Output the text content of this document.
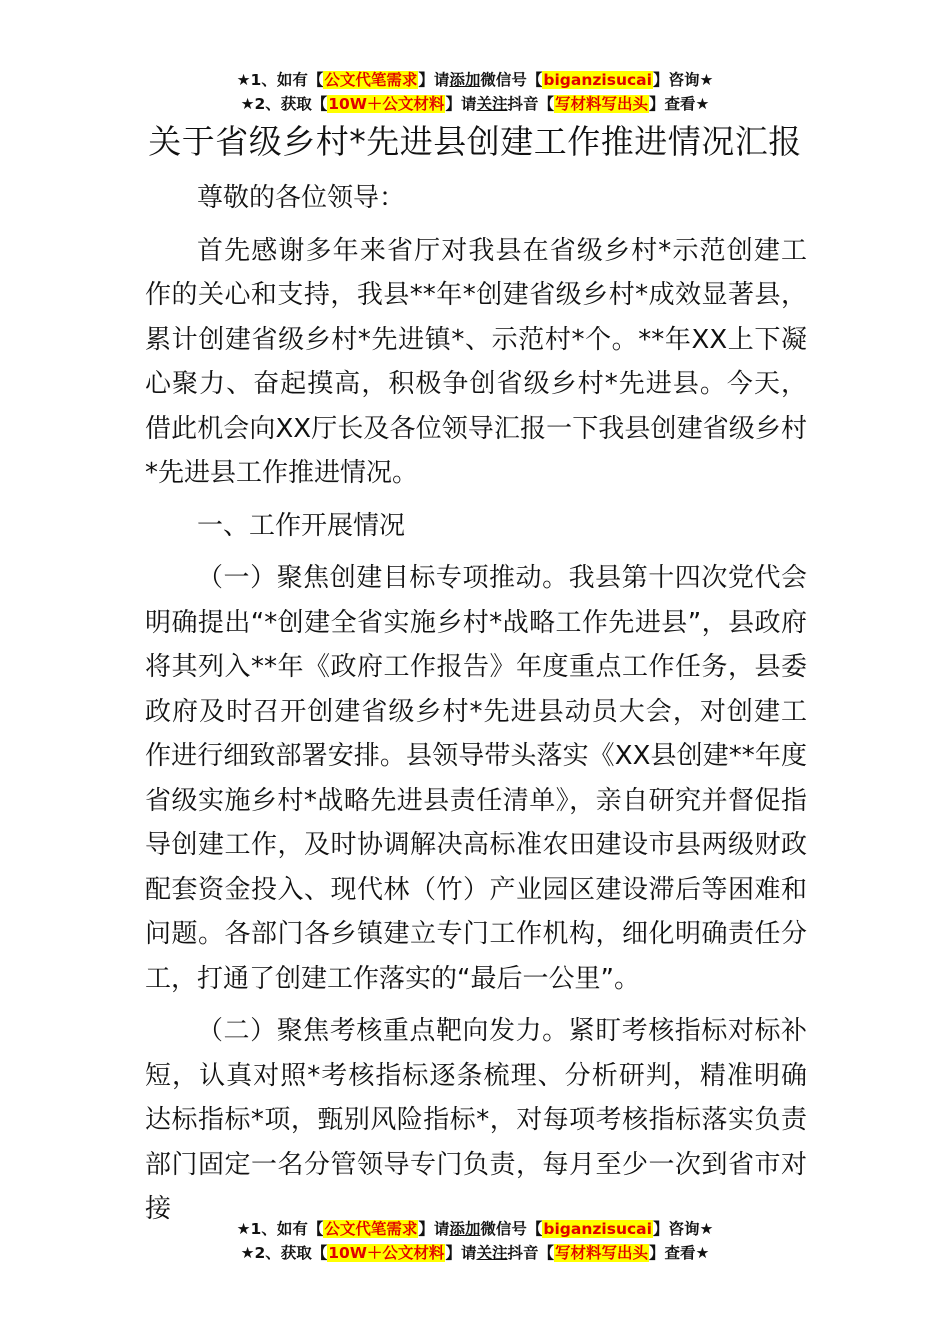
★1、如有【公文代笔需求】请添加微信号【biganzisucai】咨询★
★2、获取【10W＋公文材料】请关注抖音【写材料写出头】查看★
关于省级乡村*先进县创建工作推进情况汇报

尊敬的各位领导：

首先感谢多年来省厅对我县在省级乡村*示范创建工作的关心和支持，我县**年*创建省级乡村*成效显著县，累计创建省级乡村*先进镇*、示范村*个。**年XX上下凝心聚力、奋起摸高，积极争创省级乡村*先进县。今天，借此机会向XX厅长及各位领导汇报一下我县创建省级乡村*先进县工作推进情况。

一、工作开展情况

（一）聚焦创建目标专项推动。我县第十四次党代会明确提出“*创建全省实施乡村*战略工作先进县”，县政府将其列入**年《政府工作报告》年度重点工作任务，县委政府及时召开创建省级乡村*先进县动员大会，对创建工作进行细致部署安排。县领导带头落实《XX县创建**年度省级实施乡村*战略先进县责任清单》，亲自研究并督促指导创建工作，及时协调解决高标准农田建设市县两级财政配套资金投入、现代林（竹）产业园区建设滞后等困难和问题。各部门各乡镇建立专门工作机构，细化明确责任分工，打通了创建工作落实的“最后一公里”。

（二）聚焦考核重点靶向发力。紧盯考核指标对标补短，认真对照*考核指标逐条梳理、分析研判，精准明确达标指标*项，甄别风险指标*，对每项考核指标落实负责部门固定一名分管领导专门负责，每月至少一次到省市对接

★1、如有【公文代笔需求】请添加微信号【biganzisucai】咨询★
★2、获取【10W＋公文材料】请关注抖音【写材料写出头】查看★
